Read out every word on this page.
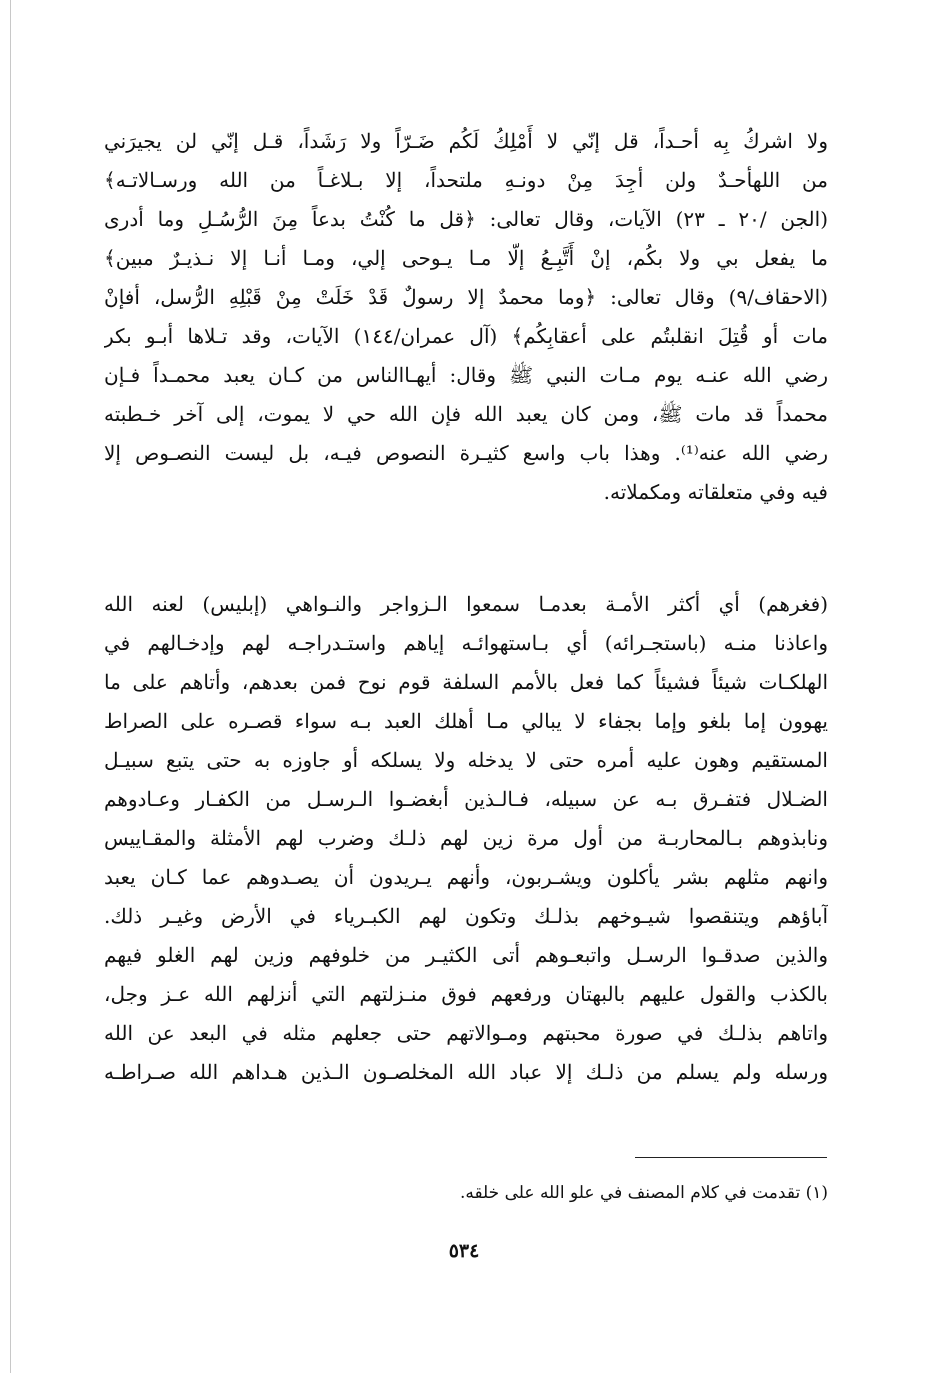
ولا اشركُ بِه أحـداً، قل إنّي لا أَمْلِكُ لَكُم ضَـرّاً ولا رَشَداً، قـل إنّي لن يجيرَني
من اللهأحـدٌ ولن أجِدَ مِنْ دونـهِ ملتحداً، إلا بـلاغـاً من الله ورسـالاتـه﴾
(الجن /٢٠ ـ ٢٣) الآيات، وقال تعالى: ﴿قل ما كُنْتُ بدعاً مِنَ الرُّسُـلِ وما أدرى
ما يفعل بي ولا بكُم، إنْ أَتَّبِـعُ إلّا مـا يـوحى إلي، ومـا أنـا إلا نـذيـرٌ مبين﴾
(الاحقاف/٩) وقال تعالى: ﴿وما محمدٌ إلا رسولٌ قَدْ خَلَتْ مِنْ قَبْلِهِ الرُّسل، أفإنْ
مات أو قُتِلَ انقلبتُم على أعقابِكُم﴾ (آل عمران/١٤٤) الآيات، وقد تـلاها أبـو بكر
رضي الله عنـه يوم مـات النبي ﷺ وقال: أيهـاالناس من كـان يعبد محمـداً فـإن
محمداً قد مات ﷺ، ومن كان يعبد الله فإن الله حي لا يموت، إلى آخر خـطبته
رضي الله عنه⁽¹⁾. وهذا باب واسع كثيـرة النصوص فيـه، بل ليست النصـوص إلا
فيه وفي متعلقاته ومكملاته.
(فغرهم) أي أكثر الأمـة بعدمـا سمعوا الـزواجر والنـواهي (إبليس) لعنه الله
واعاذنا منـه (باستجـرائه) أي بـاستهوائـه إياهم واستـدراجـه لهم وإدخـالهم في
الهلكـات شيئاً فشيئاً كما فعل بالأمم السلفة قوم نوح فمن بعدهم، وأتاهم على ما
يهوون إما بلغو وإما بجفاء لا يبالي مـا أهلك العبد بـه سواء قصـره على الصراط
المستقيم وهون عليه أمره حتى لا يدخله ولا يسلكه أو جاوزه به حتى يتبع سبيـل
الضـلال فتفـرق بـه عن سبيله، فـالـذين أبغضـوا الـرسـل من الكفـار وعـادوهم
ونابذوهم بـالمحاربـة من أول مرة زين لهم ذلـك وضرب لهم الأمثلة والمقـاييس
وانهم مثلهم بشر يأكلون ويشـربون، وأنهم يـريدون أن يصـدوهم عما كـان يعبد
آباؤهم ويتنقصوا شيـوخهم بذلـك وتكون لهم الكبـرياء في الأرض وغيـر ذلك.
والذين صدقـوا الرسـل واتبعـوهم أتى الكثيـر من خلوفهم وزين لهم الغلو فيهم
بالكذب والقول عليهم بالبهتان ورفعهم فوق منـزلتهم التي أنزلهم الله عـز وجل،
واتاهم بذلـك في صورة محبتهم ومـوالاتهم حتى جعلهم مثله في البعد عن الله
ورسله ولم يسلم من ذلـك إلا عباد الله المخلصـون الـذين هـداهم الله صـراطـه
(١) تقدمت في كلام المصنف في علو الله على خلقه.
٥٣٤
